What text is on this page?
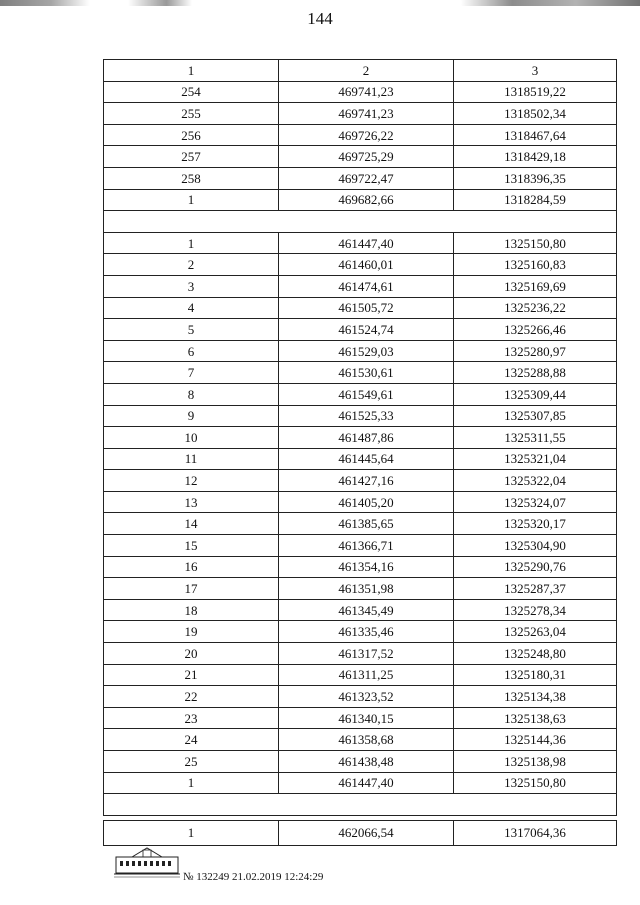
144
1	2	3
254	469741,23	1318519,22
255	469741,23	1318502,34
256	469726,22	1318467,64
257	469725,29	1318429,18
258	469722,47	1318396,35
1	469682,66	1318284,59

1	461447,40	1325150,80
2	461460,01	1325160,83
3	461474,61	1325169,69
4	461505,72	1325236,22
5	461524,74	1325266,46
6	461529,03	1325280,97
7	461530,61	1325288,88
8	461549,61	1325309,44
9	461525,33	1325307,85
10	461487,86	1325311,55
11	461445,64	1325321,04
12	461427,16	1325322,04
13	461405,20	1325324,07
14	461385,65	1325320,17
15	461366,71	1325304,90
16	461354,16	1325290,76
17	461351,98	1325287,37
18	461345,49	1325278,34
19	461335,46	1325263,04
20	461317,52	1325248,80
21	461311,25	1325180,31
22	461323,52	1325134,38
23	461340,15	1325138,63
24	461358,68	1325144,36
25	461438,48	1325138,98
1	461447,40	1325150,80

1	462066,54	1317064,36
№ 132249 21.02.2019 12:24:29
